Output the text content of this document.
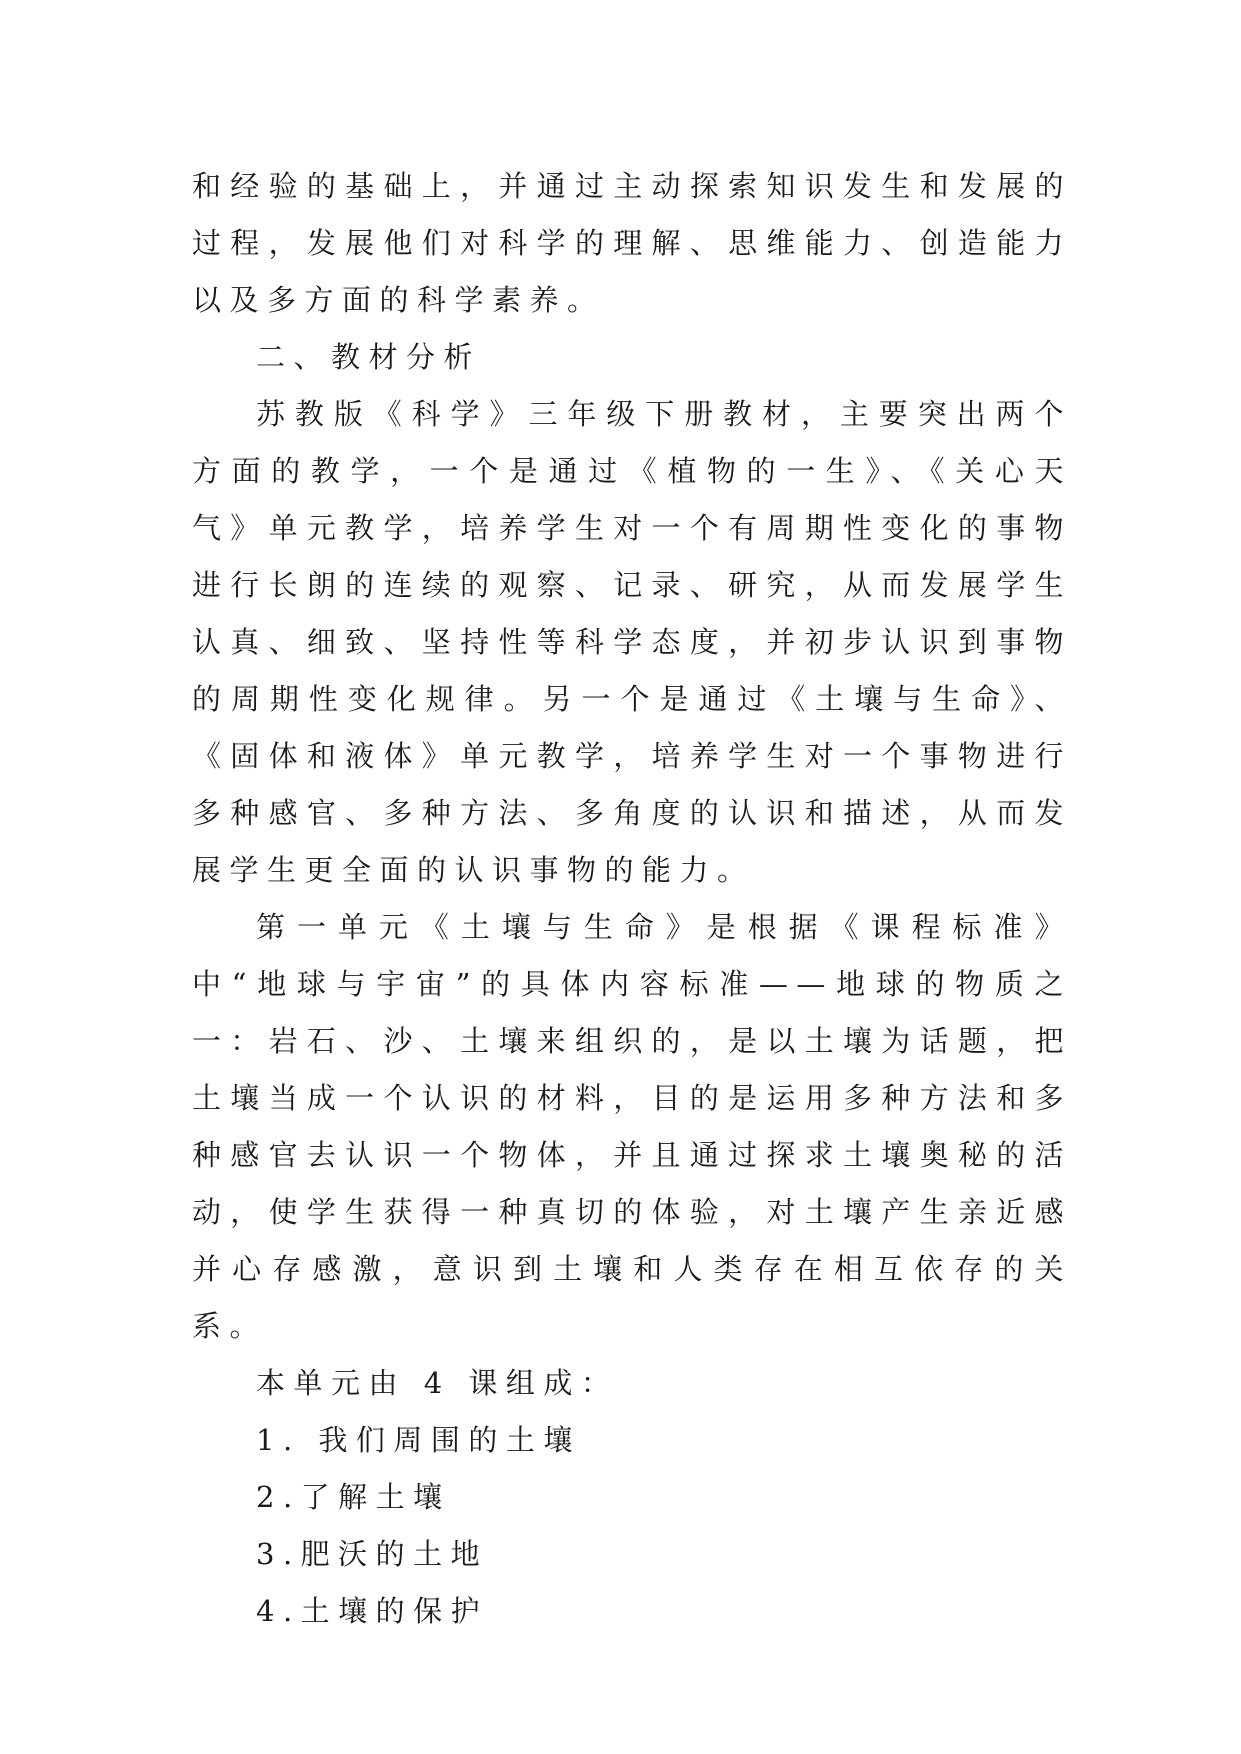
和经验的基础上，并通过主动探索知识发生和发展的过程，发展他们对科学的理解、思维能力、创造能力以及多方面的科学素养。

二、教材分析

苏教版《科学》三年级下册教材，主要突出两个方面的教学，一个是通过《植物的一生》、《关心天气》单元教学，培养学生对一个有周期性变化的事物进行长朗的连续的观察、记录、研究，从而发展学生认真、细致、坚持性等科学态度，并初步认识到事物的周期性变化规律。另一个是通过《土壤与生命》、《固体和液体》单元教学，培养学生对一个事物进行多种感官、多种方法、多角度的认识和描述，从而发展学生更全面的认识事物的能力。

第一单元《土壤与生命》是根据《课程标准》中“地球与宇宙”的具体内容标准——地球的物质之一：岩石、沙、土壤来组织的，是以土壤为话题，把土壤当成一个认识的材料，目的是运用多种方法和多种感官去认识一个物体，并且通过探求土壤奥秘的活动，使学生获得一种真切的体验，对土壤产生亲近感并心存感激，意识到土壤和人类存在相互依存的关系。

本单元由 4 课组成：

1. 我们周围的土壤

2.了解土壤

3.肥沃的土地

4.土壤的保护
